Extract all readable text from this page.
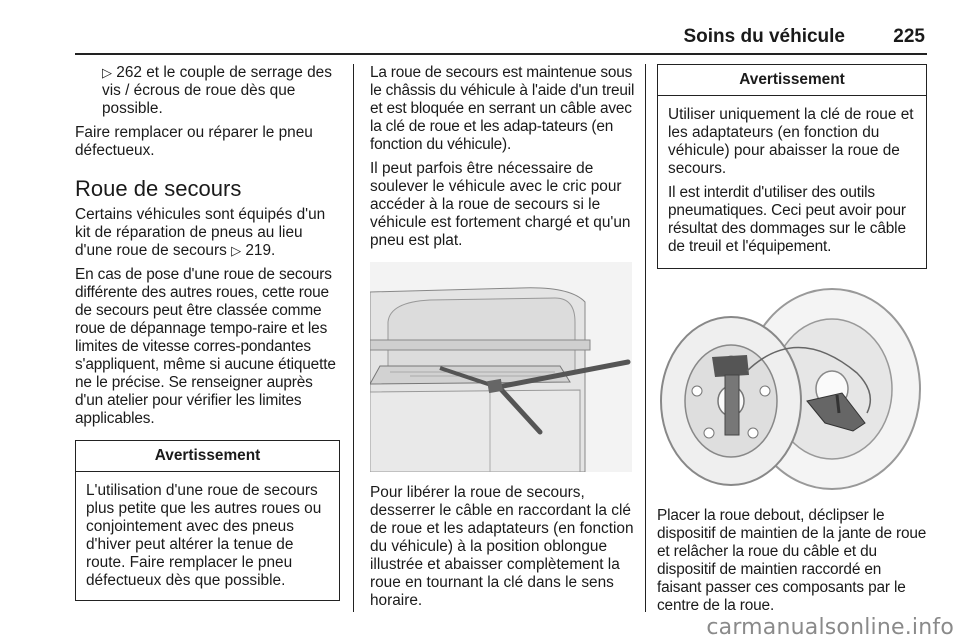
Soins du véhicule	225

▷ 262 et le couple de serrage des vis / écrous de roue dès que possible.

Faire remplacer ou réparer le pneu défectueux.

Roue de secours

Certains véhicules sont équipés d'un kit de réparation de pneus au lieu d'une roue de secours ▷ 219.

En cas de pose d'une roue de secours différente des autres roues, cette roue de secours peut être classée comme roue de dépannage tempo-raire et les limites de vitesse corres-pondantes s'appliquent, même si aucune étiquette ne le précise. Se renseigner auprès d'un atelier pour vérifier les limites applicables.

Avertissement

L'utilisation d'une roue de secours plus petite que les autres roues ou conjointement avec des pneus d'hiver peut altérer la tenue de route. Faire remplacer le pneu défectueux dès que possible.

La roue de secours est maintenue sous le châssis du véhicule à l'aide d'un treuil et est bloquée en serrant un câble avec la clé de roue et les adap-tateurs (en fonction du véhicule).

Il peut parfois être nécessaire de soulever le véhicule avec le cric pour accéder à la roue de secours si le véhicule est fortement chargé et qu'un pneu est plat.

Pour libérer la roue de secours, desserrer le câble en raccordant la clé de roue et les adaptateurs (en fonction du véhicule) à la position oblongue illustrée et abaisser complètement la roue en tournant la clé dans le sens horaire.

Avertissement

Utiliser uniquement la clé de roue et les adaptateurs (en fonction du véhicule) pour abaisser la roue de secours.

Il est interdit d'utiliser des outils pneumatiques. Ceci peut avoir pour résultat des dommages sur le câble de treuil et l'équipement.

Placer la roue debout, déclipser le dispositif de maintien de la jante de roue et relâcher la roue du câble et du dispositif de maintien raccordé en faisant passer ces composants par le centre de la roue.

carmanualsonline.info
